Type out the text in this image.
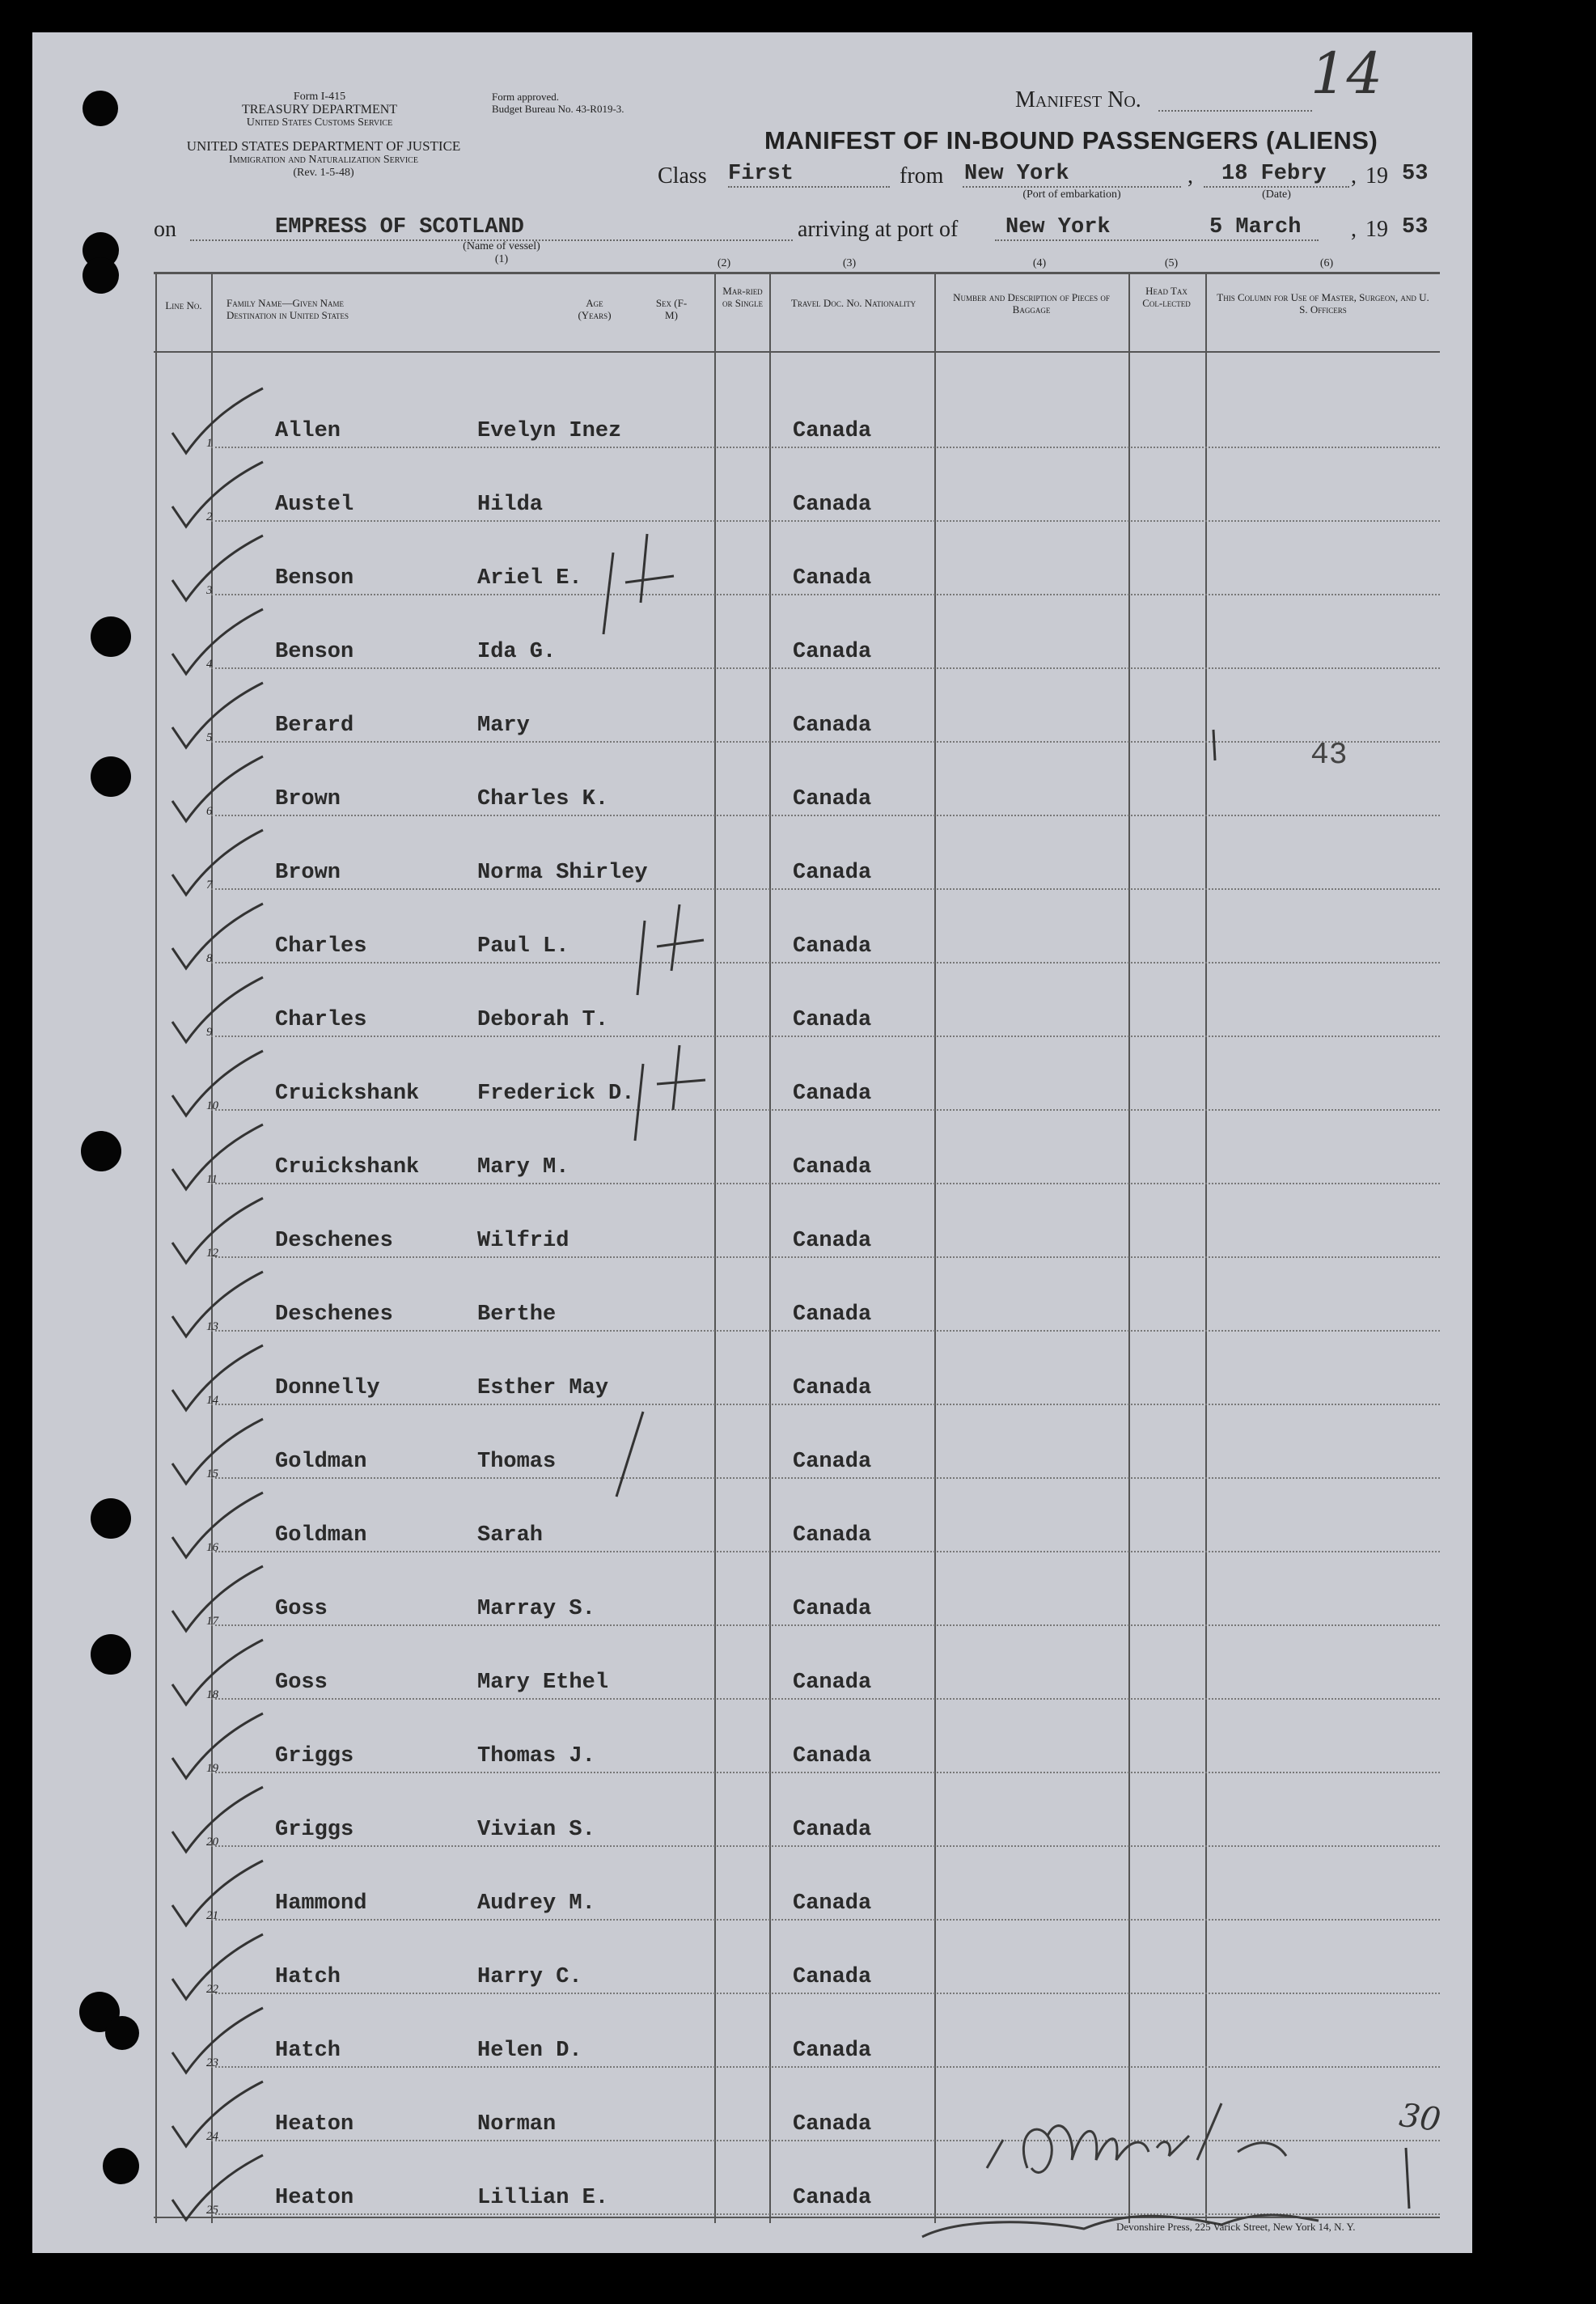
Form I-415
TREASURY DEPARTMENT
United States Customs Service
UNITED STATES DEPARTMENT OF JUSTICE
Immigration and Naturalization Service
(Rev. 1-5-48)
Form approved.
Budget Bureau No. 43-R019-3.	Manifest No.	14
MANIFEST OF IN-BOUND PASSENGERS (ALIENS)
Class First	from New York
(Port of embarkation)
, 18 Febry
(Date)
, 19 53
on	EMPRESS OF SCOTLAND
(Name of vessel)
(1)
arriving at port of New York	5 March , 19 53
(2)	(3)	(4)	(5)	(6)
Line No.	Family Name—Given Name
Destination in United States
Age (Years)
Sex (F-M)
Mar-ried or Single	Travel Doc. No. Nationality	Number and Description of Pieces of Baggage
Head Tax Col-lected	This Column for Use of Master, Surgeon, and U. S. Officers
1	Allen	Evelyn Inez	Canada
2	Austel	Hilda	Canada
3	Benson	Ariel E.	Canada
4	Benson	Ida G.	Canada
5	Berard	Mary	Canada
6	Brown	Charles K.	Canada
7	Brown	Norma Shirley	Canada
8	Charles	Paul L.	Canada
9	Charles	Deborah T.	Canada
10	Cruickshank	Frederick D.	Canada
11	Cruickshank	Mary M.	Canada
12	Deschenes	Wilfrid	Canada
13	Deschenes	Berthe	Canada
14	Donnelly	Esther May	Canada
15	Goldman	Thomas	Canada
16	Goldman	Sarah	Canada
17	Goss	Marray S.	Canada
18	Goss	Mary Ethel	Canada
19	Griggs	Thomas J.	Canada
20	Griggs	Vivian S.	Canada
21	Hammond	Audrey M.	Canada
22	Hatch	Harry C.	Canada
23	Hatch	Helen D.	Canada
24	Heaton	Norman	Canada
25	Heaton	Lillian E.	Canada
43
30
Devonshire Press, 225 Varick Street, New York 14, N. Y.
